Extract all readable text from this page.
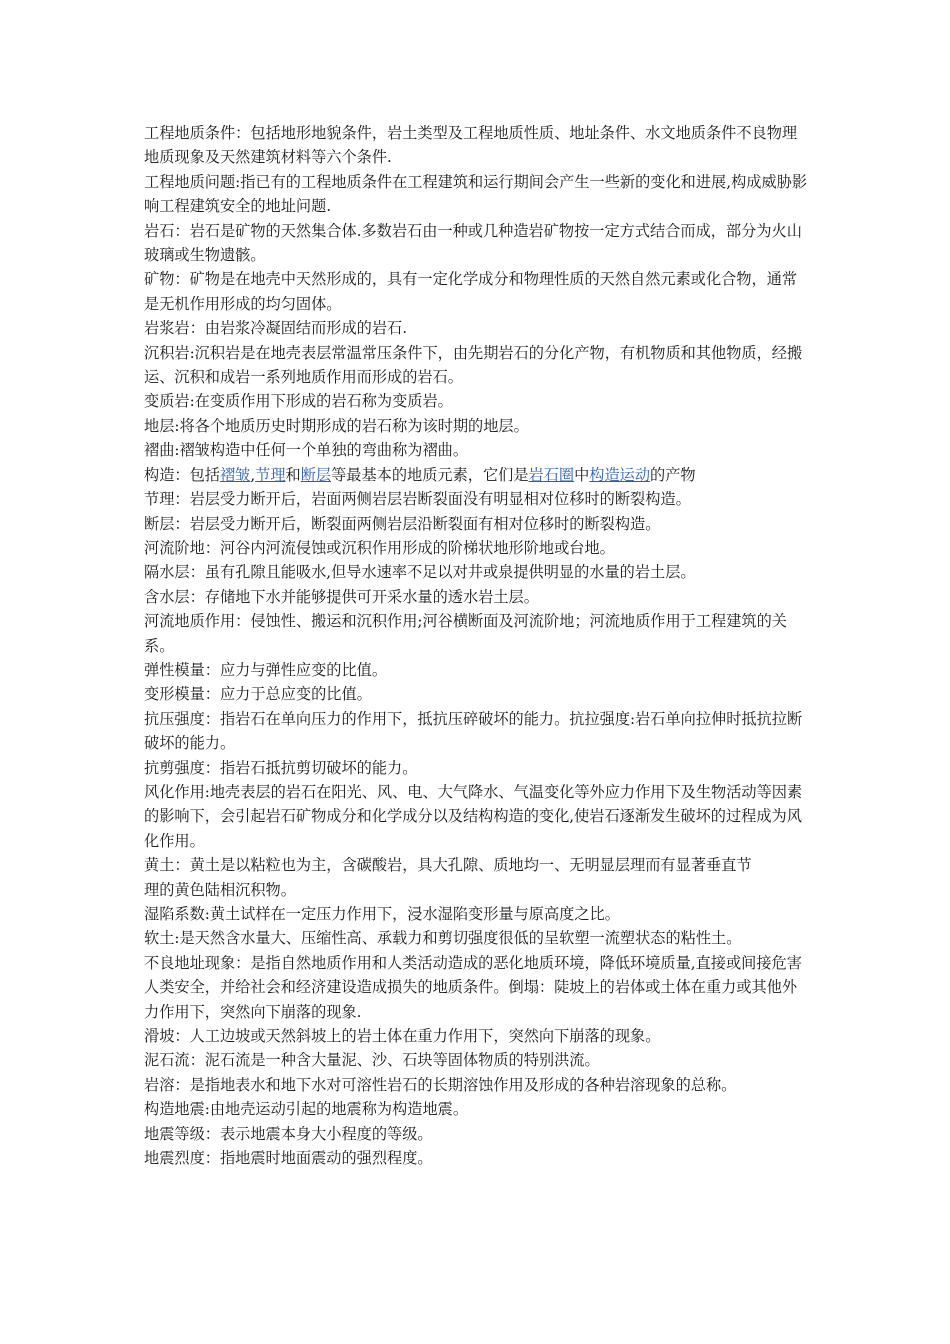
工程地质条件：包括地形地貌条件，岩土类型及工程地质性质、地址条件、水文地质条件不良物理地质现象及天然建筑材料等六个条件.

工程地质问题:指已有的工程地质条件在工程建筑和运行期间会产生一些新的变化和进展,构成威胁影响工程建筑安全的地址问题.

岩石：岩石是矿物的天然集合体.多数岩石由一种或几种造岩矿物按一定方式结合而成，部分为火山玻璃或生物遗骸。

矿物：矿物是在地壳中天然形成的，具有一定化学成分和物理性质的天然自然元素或化合物，通常是无机作用形成的均匀固体。

岩浆岩：由岩浆冷凝固结而形成的岩石.

沉积岩:沉积岩是在地壳表层常温常压条件下，由先期岩石的分化产物，有机物质和其他物质，经搬运、沉积和成岩一系列地质作用而形成的岩石。

变质岩:在变质作用下形成的岩石称为变质岩。

地层:将各个地质历史时期形成的岩石称为该时期的地层。

褶曲:褶皱构造中任何一个单独的弯曲称为褶曲。

构造：包括褶皱,节理和断层等最基本的地质元素，它们是岩石圈中构造运动的产物

节理：岩层受力断开后，岩面两侧岩层岩断裂面没有明显相对位移时的断裂构造。

断层：岩层受力断开后，断裂面两侧岩层沿断裂面有相对位移时的断裂构造。

河流阶地：河谷内河流侵蚀或沉积作用形成的阶梯状地形阶地或台地。

隔水层：虽有孔隙且能吸水,但导水速率不足以对井或泉提供明显的水量的岩土层。

含水层：存储地下水并能够提供可开采水量的透水岩土层。

河流地质作用：侵蚀性、搬运和沉积作用;河谷横断面及河流阶地；河流地质作用于工程建筑的关系。

弹性模量：应力与弹性应变的比值。

变形模量：应力于总应变的比值。

抗压强度：指岩石在单向压力的作用下，抵抗压碎破坏的能力。抗拉强度:岩石单向拉伸时抵抗拉断破坏的能力。

抗剪强度：指岩石抵抗剪切破坏的能力。

风化作用:地壳表层的岩石在阳光、风、电、大气降水、气温变化等外应力作用下及生物活动等因素的影响下，会引起岩石矿物成分和化学成分以及结构构造的变化,使岩石逐渐发生破坏的过程成为风化作用。

黄土：黄土是以粘粒也为主，含碳酸岩，具大孔隙、质地均一、无明显层理而有显著垂直节

理的黄色陆相沉积物。

湿陷系数:黄土试样在一定压力作用下，浸水湿陷变形量与原高度之比。

软土:是天然含水量大、压缩性高、承载力和剪切强度很低的呈软塑一流塑状态的粘性土。

不良地址现象：是指自然地质作用和人类活动造成的恶化地质环境，降低环境质量,直接或间接危害人类安全，并给社会和经济建设造成损失的地质条件。倒塌：陡坡上的岩体或土体在重力或其他外力作用下，突然向下崩落的现象.

滑坡：人工边坡或天然斜坡上的岩土体在重力作用下，突然向下崩落的现象。

泥石流：泥石流是一种含大量泥、沙、石块等固体物质的特别洪流。

岩溶：是指地表水和地下水对可溶性岩石的长期溶蚀作用及形成的各种岩溶现象的总称。

构造地震:由地壳运动引起的地震称为构造地震。

地震等级：表示地震本身大小程度的等级。

地震烈度：指地震时地面震动的强烈程度。
